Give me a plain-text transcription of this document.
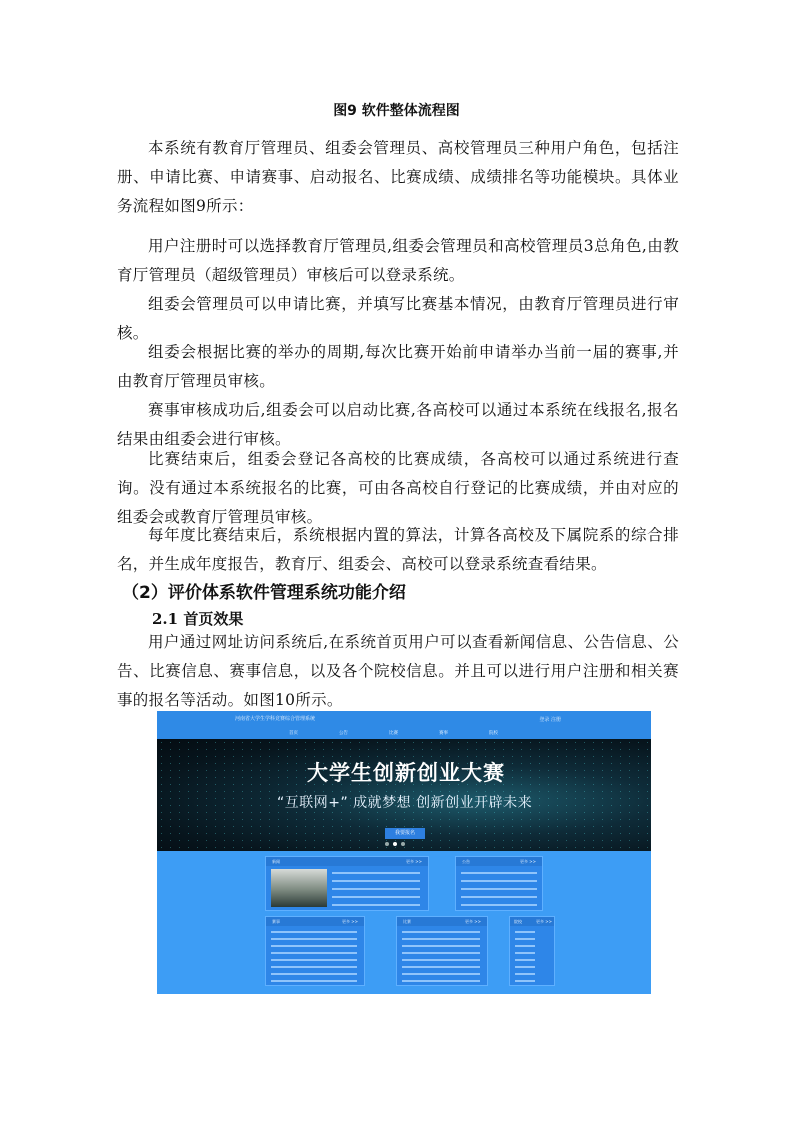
图9 软件整体流程图

本系统有教育厅管理员、组委会管理员、高校管理员三种用户角色，包括注册、申请比赛、申请赛事、启动报名、比赛成绩、成绩排名等功能模块。具体业务流程如图9所示：

用户注册时可以选择教育厅管理员,组委会管理员和高校管理员3总角色,由教育厅管理员（超级管理员）审核后可以登录系统。

组委会管理员可以申请比赛，并填写比赛基本情况，由教育厅管理员进行审核。

组委会根据比赛的举办的周期,每次比赛开始前申请举办当前一届的赛事,并由教育厅管理员审核。

赛事审核成功后,组委会可以启动比赛,各高校可以通过本系统在线报名,报名结果由组委会进行审核。

比赛结束后，组委会登记各高校的比赛成绩，各高校可以通过系统进行查询。没有通过本系统报名的比赛，可由各高校自行登记的比赛成绩，并由对应的组委会或教育厅管理员审核。

每年度比赛结束后，系统根据内置的算法，计算各高校及下属院系的综合排名，并生成年度报告，教育厅、组委会、高校可以登录系统查看结果。

（2）评价体系软件管理系统功能介绍
2.1 首页效果

用户通过网址访问系统后,在系统首页用户可以查看新闻信息、公告信息、公告、比赛信息、赛事信息，以及各个院校信息。并且可以进行用户注册和相关赛事的报名等活动。如图10所示。

河南省大学生学科竞赛综合管理系统	登录 注册
首页	公告	比赛	赛事	院校
大学生创新创业大赛
“互联网+” 成就梦想 创新创业开辟未来
我要报名
新闻	更多 >>	公告	更多 >>
赛事	更多 >>	比赛	更多 >>	院校	更多 >>
